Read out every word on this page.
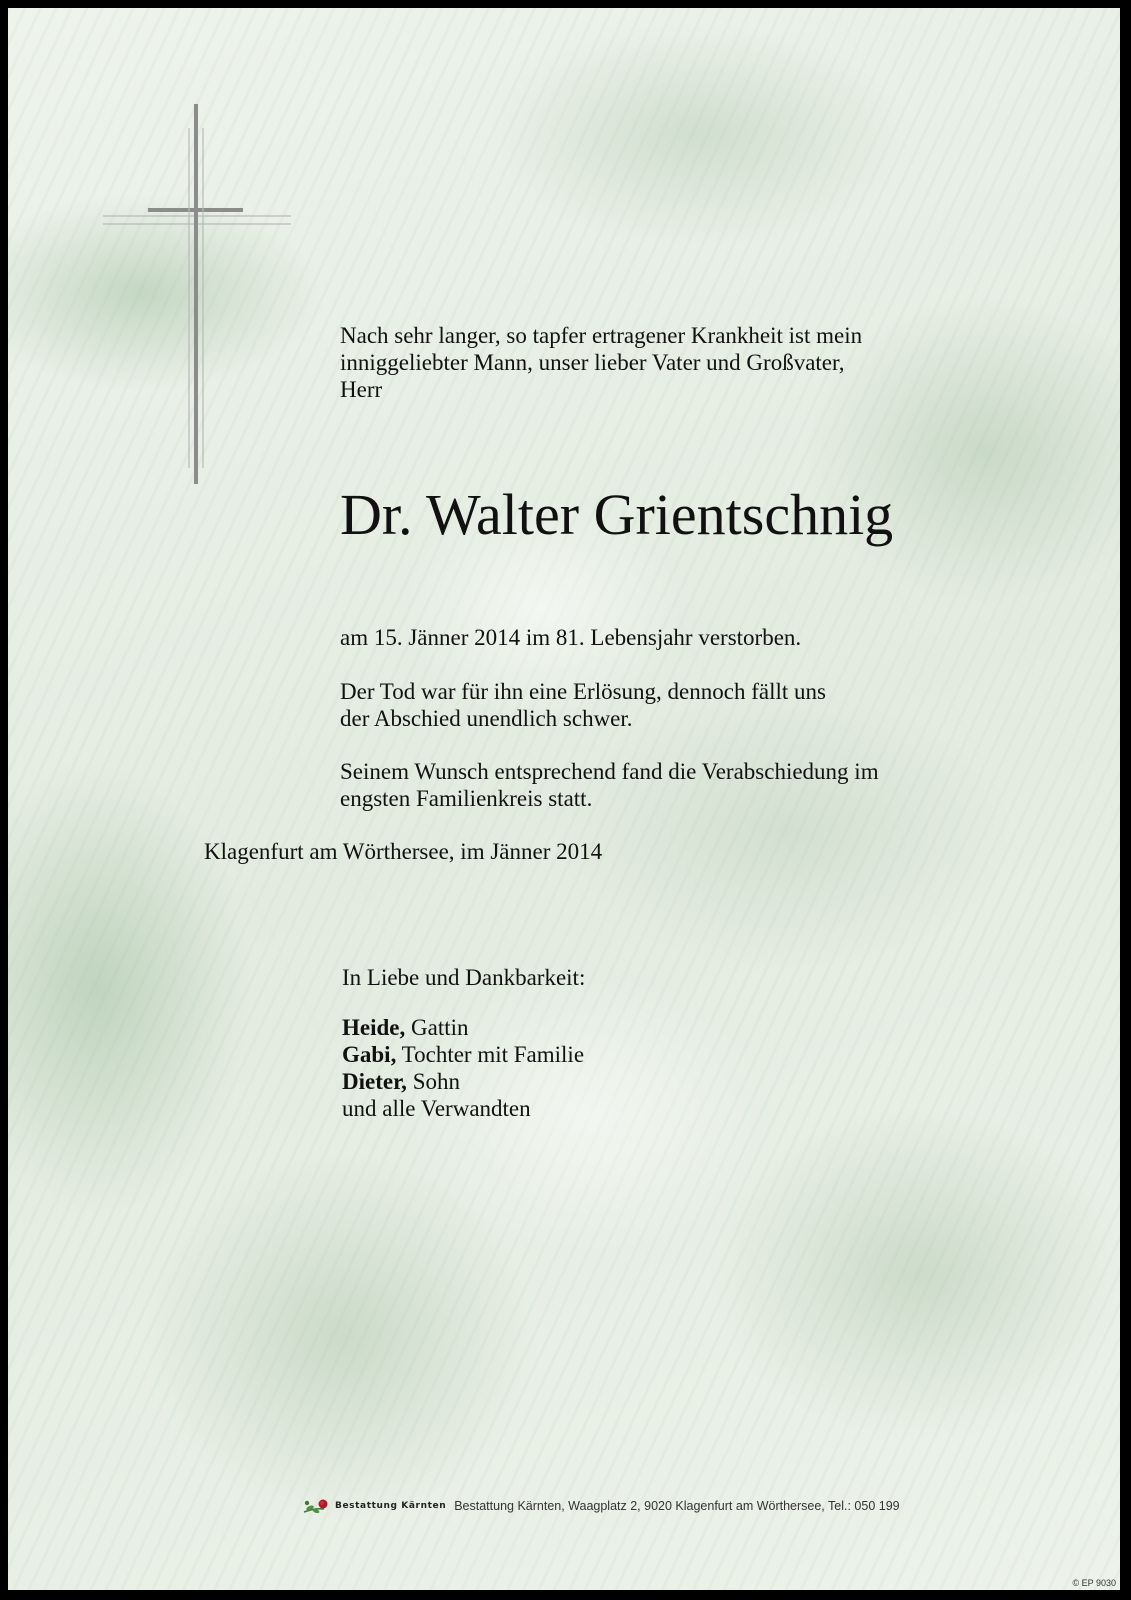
Nach sehr langer, so tapfer ertragener Krankheit ist mein
inniggeliebter Mann, unser lieber Vater und Großvater,
Herr
Dr. Walter Grientschnig
am 15. Jänner 2014 im 81. Lebensjahr verstorben.
Der Tod war für ihn eine Erlösung, dennoch fällt uns
der Abschied unendlich schwer.
Seinem Wunsch entsprechend fand die Verabschiedung im
engsten Familienkreis statt.
Klagenfurt am Wörthersee, im Jänner 2014
In Liebe und Dankbarkeit:
Heide, Gattin
Gabi, Tochter mit Familie
Dieter, Sohn
und alle Verwandten
Bestattung Kärnten Bestattung Kärnten, Waagplatz 2, 9020 Klagenfurt am Wörthersee, Tel.: 050 199
© EP 9030
